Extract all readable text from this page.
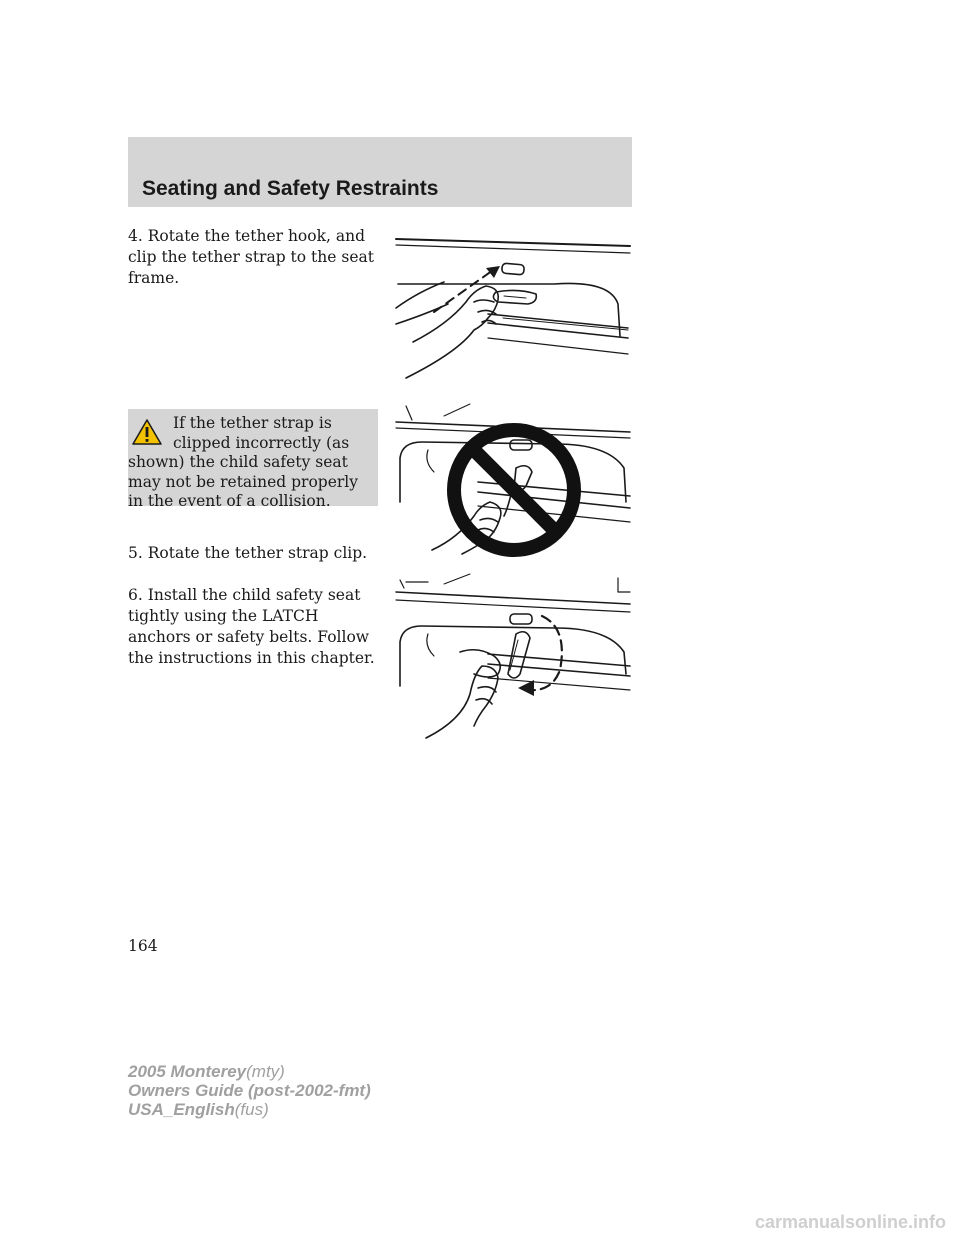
Seating and Safety Restraints

4. Rotate the tether hook, and clip the tether strap to the seat frame.

If the tether strap is clipped incorrectly (as shown) the child safety seat may not be retained properly in the event of a collision.

5. Rotate the tether strap clip.

6. Install the child safety seat tightly using the LATCH anchors or safety belts. Follow the instructions in this chapter.

164
2005 Monterey(mty)
Owners Guide (post-2002-fmt)
USA_English(fus)
carmanualsonline.info
